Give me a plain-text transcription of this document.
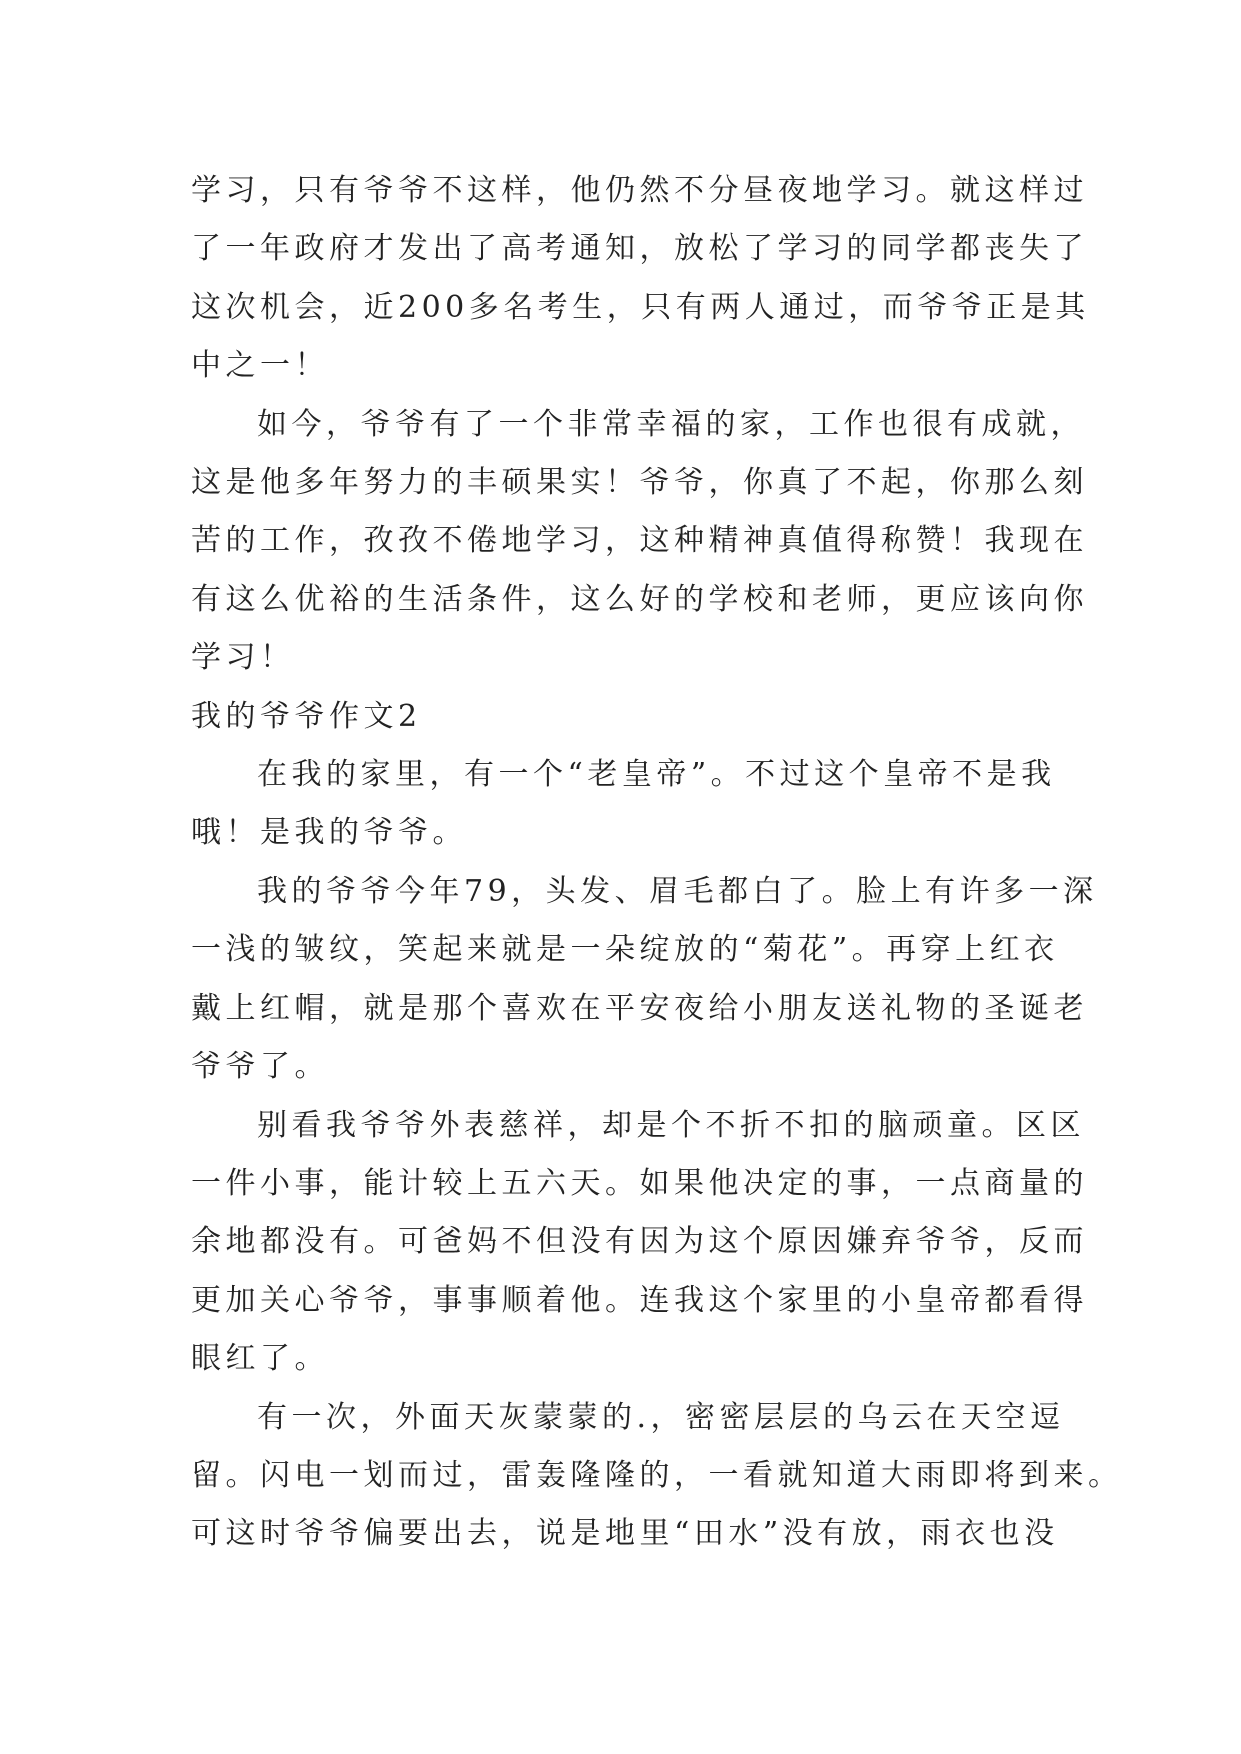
学习，只有爷爷不这样，他仍然不分昼夜地学习。就这样过
了一年政府才发出了高考通知，放松了学习的同学都丧失了
这次机会，近200多名考生，只有两人通过，而爷爷正是其
中之一！
如今，爷爷有了一个非常幸福的家，工作也很有成就，
这是他多年努力的丰硕果实！爷爷，你真了不起，你那么刻
苦的工作，孜孜不倦地学习，这种精神真值得称赞！我现在
有这么优裕的生活条件，这么好的学校和老师，更应该向你
学习！
我的爷爷作文2
在我的家里，有一个“老皇帝”。不过这个皇帝不是我
哦！是我的爷爷。
我的爷爷今年79，头发、眉毛都白了。脸上有许多一深
一浅的皱纹，笑起来就是一朵绽放的“菊花”。再穿上红衣
戴上红帽，就是那个喜欢在平安夜给小朋友送礼物的圣诞老
爷爷了。
别看我爷爷外表慈祥，却是个不折不扣的脑顽童。区区
一件小事，能计较上五六天。如果他决定的事，一点商量的
余地都没有。可爸妈不但没有因为这个原因嫌弃爷爷，反而
更加关心爷爷，事事顺着他。连我这个家里的小皇帝都看得
眼红了。
有一次，外面天灰蒙蒙的.，密密层层的乌云在天空逗
留。闪电一划而过，雷轰隆隆的，一看就知道大雨即将到来。
可这时爷爷偏要出去，说是地里“田水”没有放，雨衣也没
